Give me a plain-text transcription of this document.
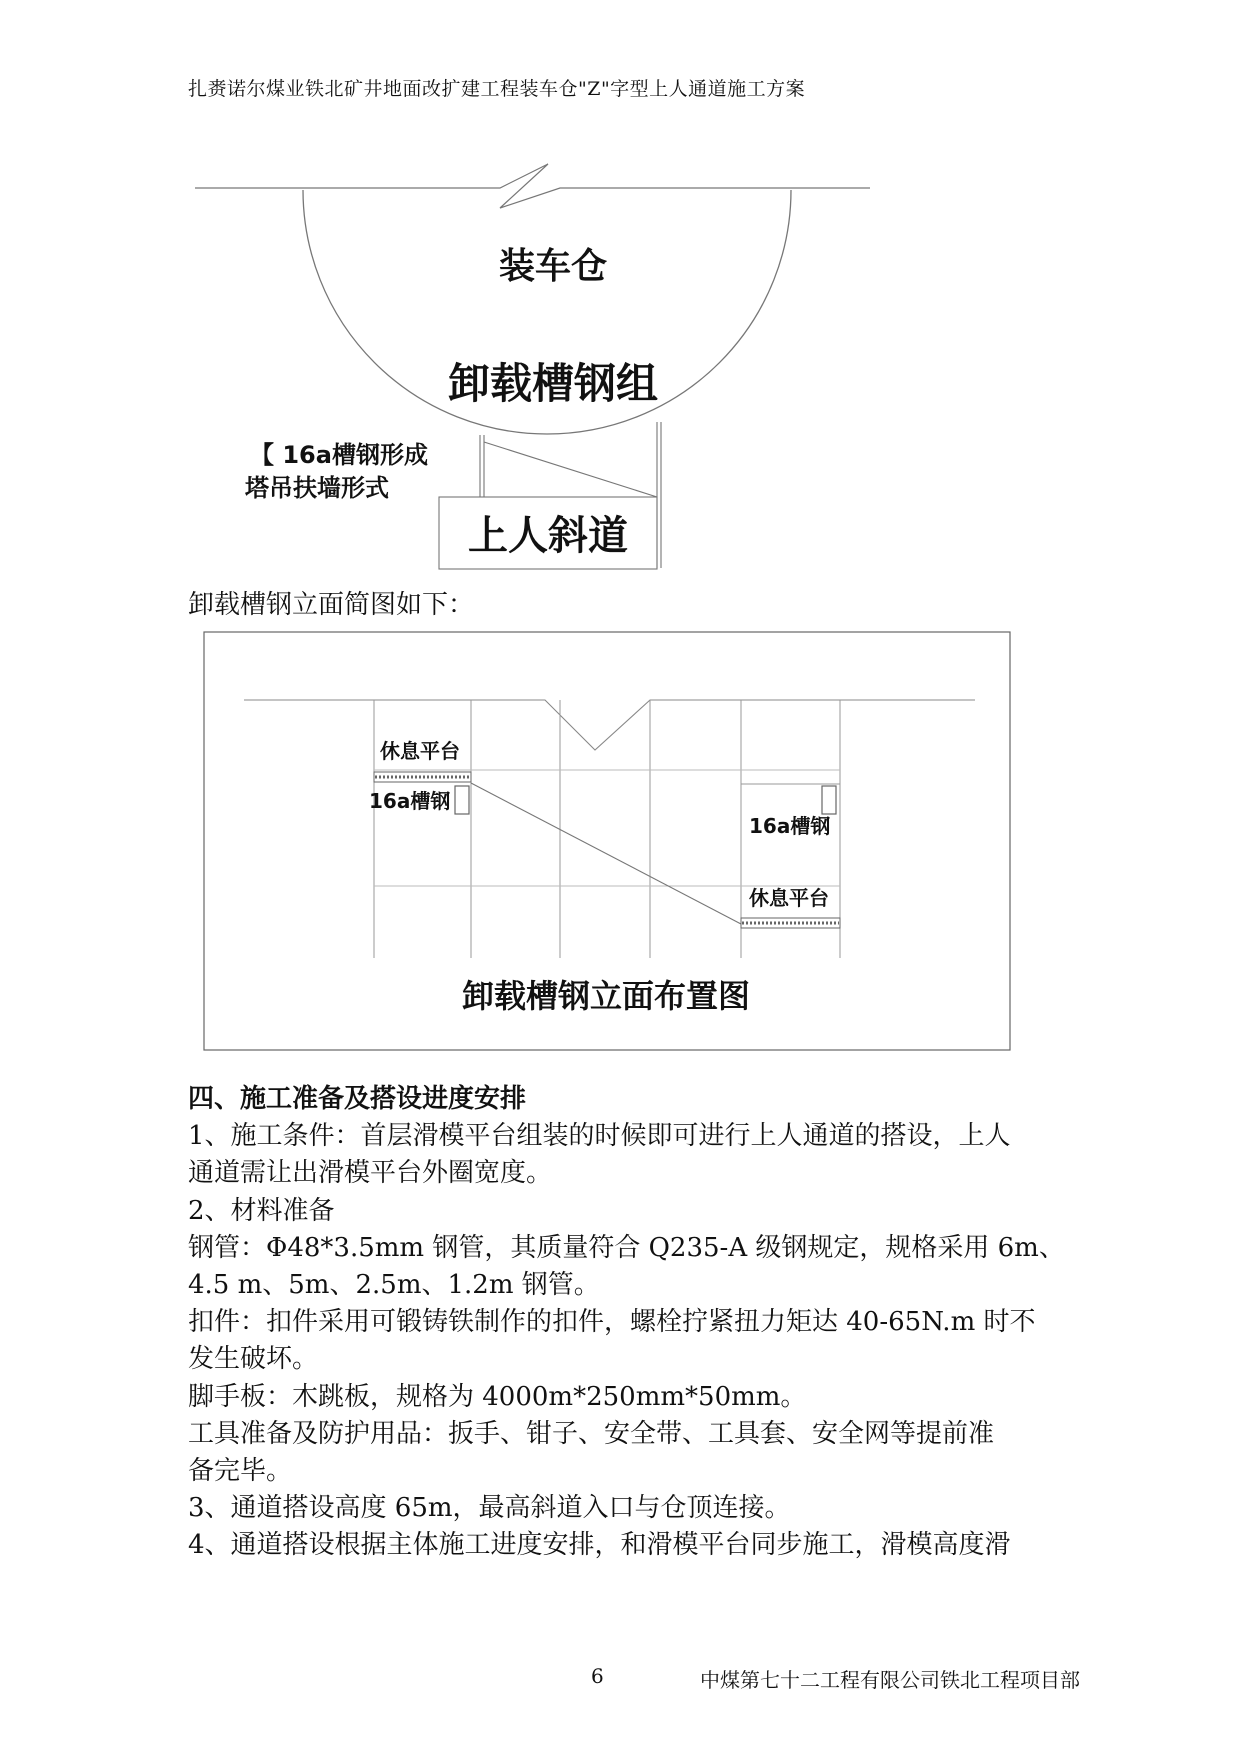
扎赉诺尔煤业铁北矿井地面改扩建工程装车仓"Z"字型上人通道施工方案
装车仓
卸载槽钢组
上人斜道
【 16a槽钢形成
塔吊扶墙形式
卸载槽钢立面简图如下：
休息平台
16a槽钢
16a槽钢
休息平台
卸载槽钢立面布置图

四、施工准备及搭设进度安排

1、施工条件：首层滑模平台组装的时候即可进行上人通道的搭设，上人

通道需让出滑模平台外圈宽度。

2、材料准备

钢管：Φ48*3.5mm 钢管，其质量符合 Q235-A 级钢规定，规格采用 6m、

4.5 m、5m、2.5m、1.2m 钢管。

扣件：扣件采用可锻铸铁制作的扣件，螺栓拧紧扭力矩达 40-65N.m 时不

发生破坏。

脚手板：木跳板，规格为 4000m*250mm*50mm。

工具准备及防护用品：扳手、钳子、安全带、工具套、安全网等提前准

备完毕。

3、通道搭设高度 65m，最高斜道入口与仓顶连接。

4、通道搭设根据主体施工进度安排，和滑模平台同步施工，滑模高度滑

6	中煤第七十二工程有限公司铁北工程项目部
